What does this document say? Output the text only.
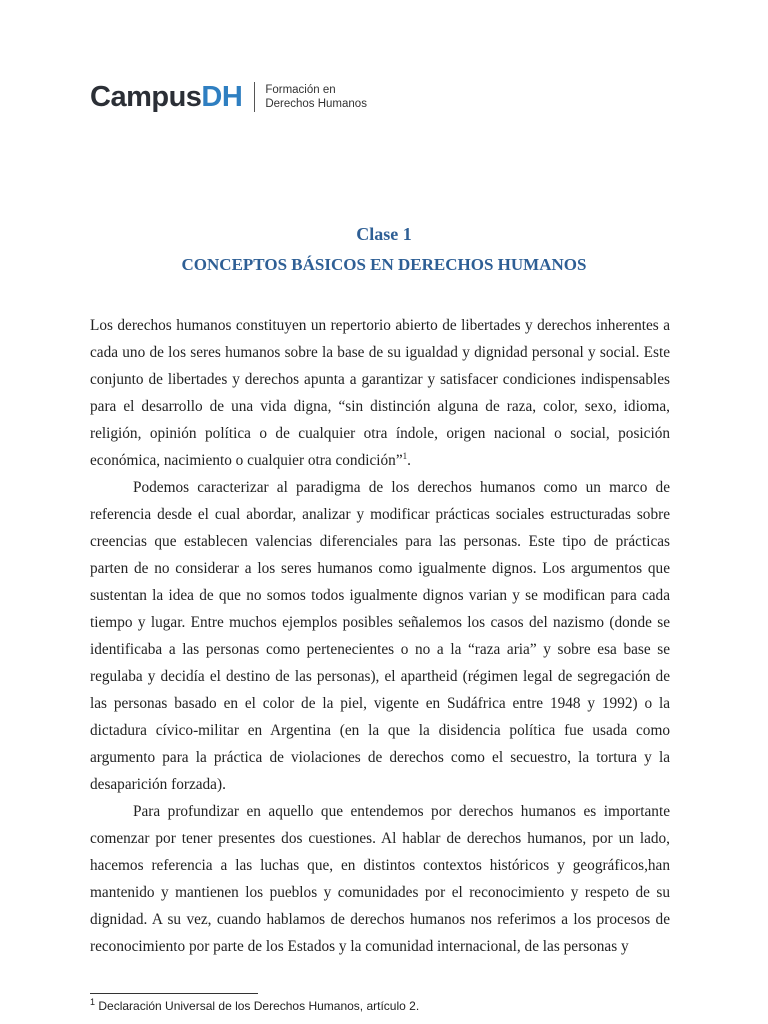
CampusDH Formación en
Derechos Humanos
Clase 1
CONCEPTOS BÁSICOS EN DERECHOS HUMANOS

Los derechos humanos constituyen un repertorio abierto de libertades y derechos inherentes a cada uno de los seres humanos sobre la base de su igualdad y dignidad personal y social. Este conjunto de libertades y derechos apunta a garantizar y satisfacer condiciones indispensables para el desarrollo de una vida digna, “sin distinción alguna de raza, color, sexo, idioma, religión, opinión política o de cualquier otra índole, origen nacional o social, posición económica, nacimiento o cualquier otra condición”$^1$.

Podemos caracterizar al paradigma de los derechos humanos como un marco de referencia desde el cual abordar, analizar y modificar prácticas sociales estructuradas sobre creencias que establecen valencias diferenciales para las personas. Este tipo de prácticas parten de no considerar a los seres humanos como igualmente dignos. Los argumentos que sustentan la idea de que no somos todos igualmente dignos varian y se modifican para cada tiempo y lugar. Entre muchos ejemplos posibles señalemos los casos del nazismo (donde se identificaba a las personas como pertenecientes o no a la “raza aria” y sobre esa base se regulaba y decidía el destino de las personas), el apartheid (régimen legal de segregación de las personas basado en el color de la piel, vigente en Sudáfrica entre 1948 y 1992) o la dictadura cívico-militar en Argentina (en la que la disidencia política fue usada como argumento para la práctica de violaciones de derechos como el secuestro, la tortura y la desaparición forzada).

Para profundizar en aquello que entendemos por derechos humanos es importante comenzar por tener presentes dos cuestiones. Al hablar de derechos humanos, por un lado, hacemos referencia a las luchas que, en distintos contextos históricos y geográficos,han mantenido y mantienen los pueblos y comunidades por el reconocimiento y respeto de su dignidad. A su vez, cuando hablamos de derechos humanos nos referimos a los procesos de reconocimiento por parte de los Estados y la comunidad internacional, de las personas y

$^1$ Declaración Universal de los Derechos Humanos, artículo 2.
